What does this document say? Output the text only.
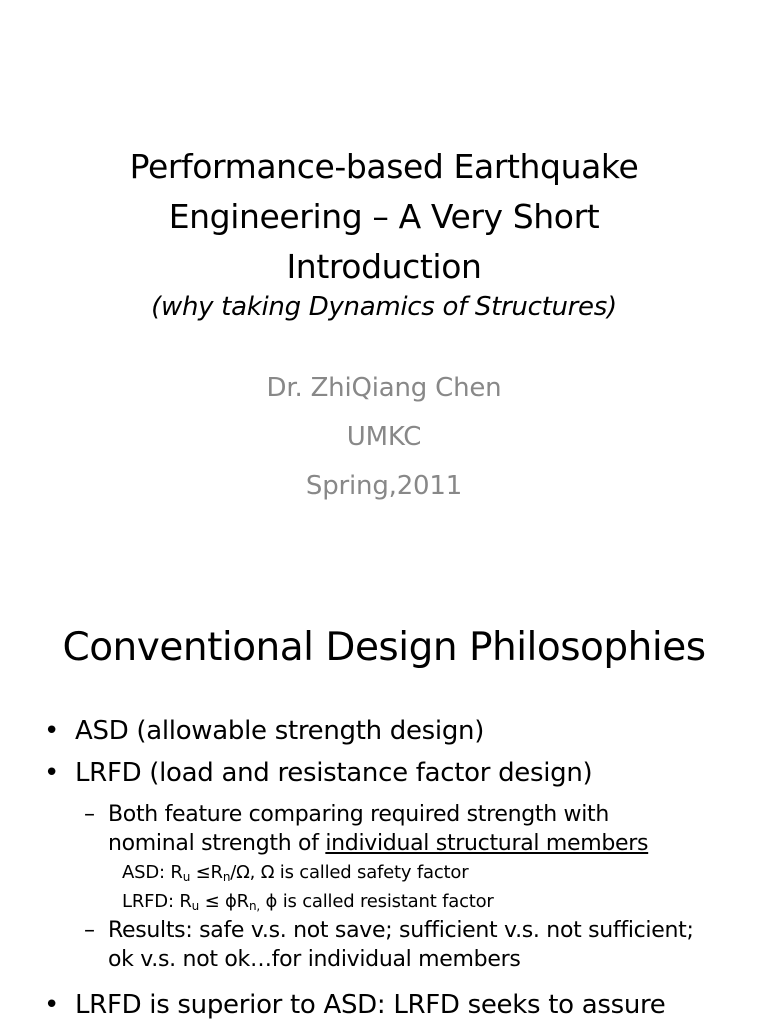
Performance-based Earthquake
Engineering – A Very Short
Introduction
(why taking Dynamics of Structures)
Dr. ZhiQiang Chen
UMKC
Spring,2011
Conventional Design Philosophies
• ASD (allowable strength design)
• LRFD (load and resistance factor design)
– Both feature comparing required strength with
nominal strength of individual structural members
ASD: $R_u \le R_n/\Omega$, Ω is called safety factor
LRFD: $R_u \le \phi R_{n,}$ ϕ is called resistant factor
– Results: safe v.s. not save; sufficient v.s. not sufficient;
ok v.s. not ok…for individual members
• LRFD is superior to ASD: LRFD seeks to assure
